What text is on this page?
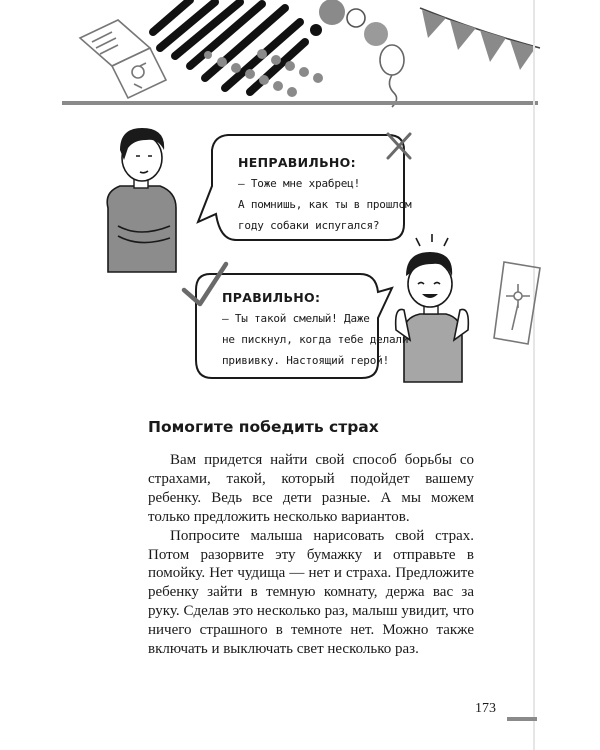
НЕПРАВИЛЬНО:
– Тоже мне храбрец!
А помнишь, как ты в прошлом
году собаки испугался?
ПРАВИЛЬНО:
– Ты такой смелый! Даже
не пискнул, когда тебе делали
прививку. Настоящий герой!
Помогите победить страх

Вам придется найти свой способ борьбы со страхами, такой, который подойдет вашему ребенку. Ведь все дети разные. А мы можем только предложить несколько вариантов.

Попросите малыша нарисовать свой страх. Потом разорвите эту бумажку и отправьте в помойку. Нет чудища — нет и страха. Предложите ребенку зайти в темную комнату, держа вас за руку. Сделав это несколько раз, малыш увидит, что ничего страшного в темноте нет. Можно также включать и выключать свет несколько раз.

173
